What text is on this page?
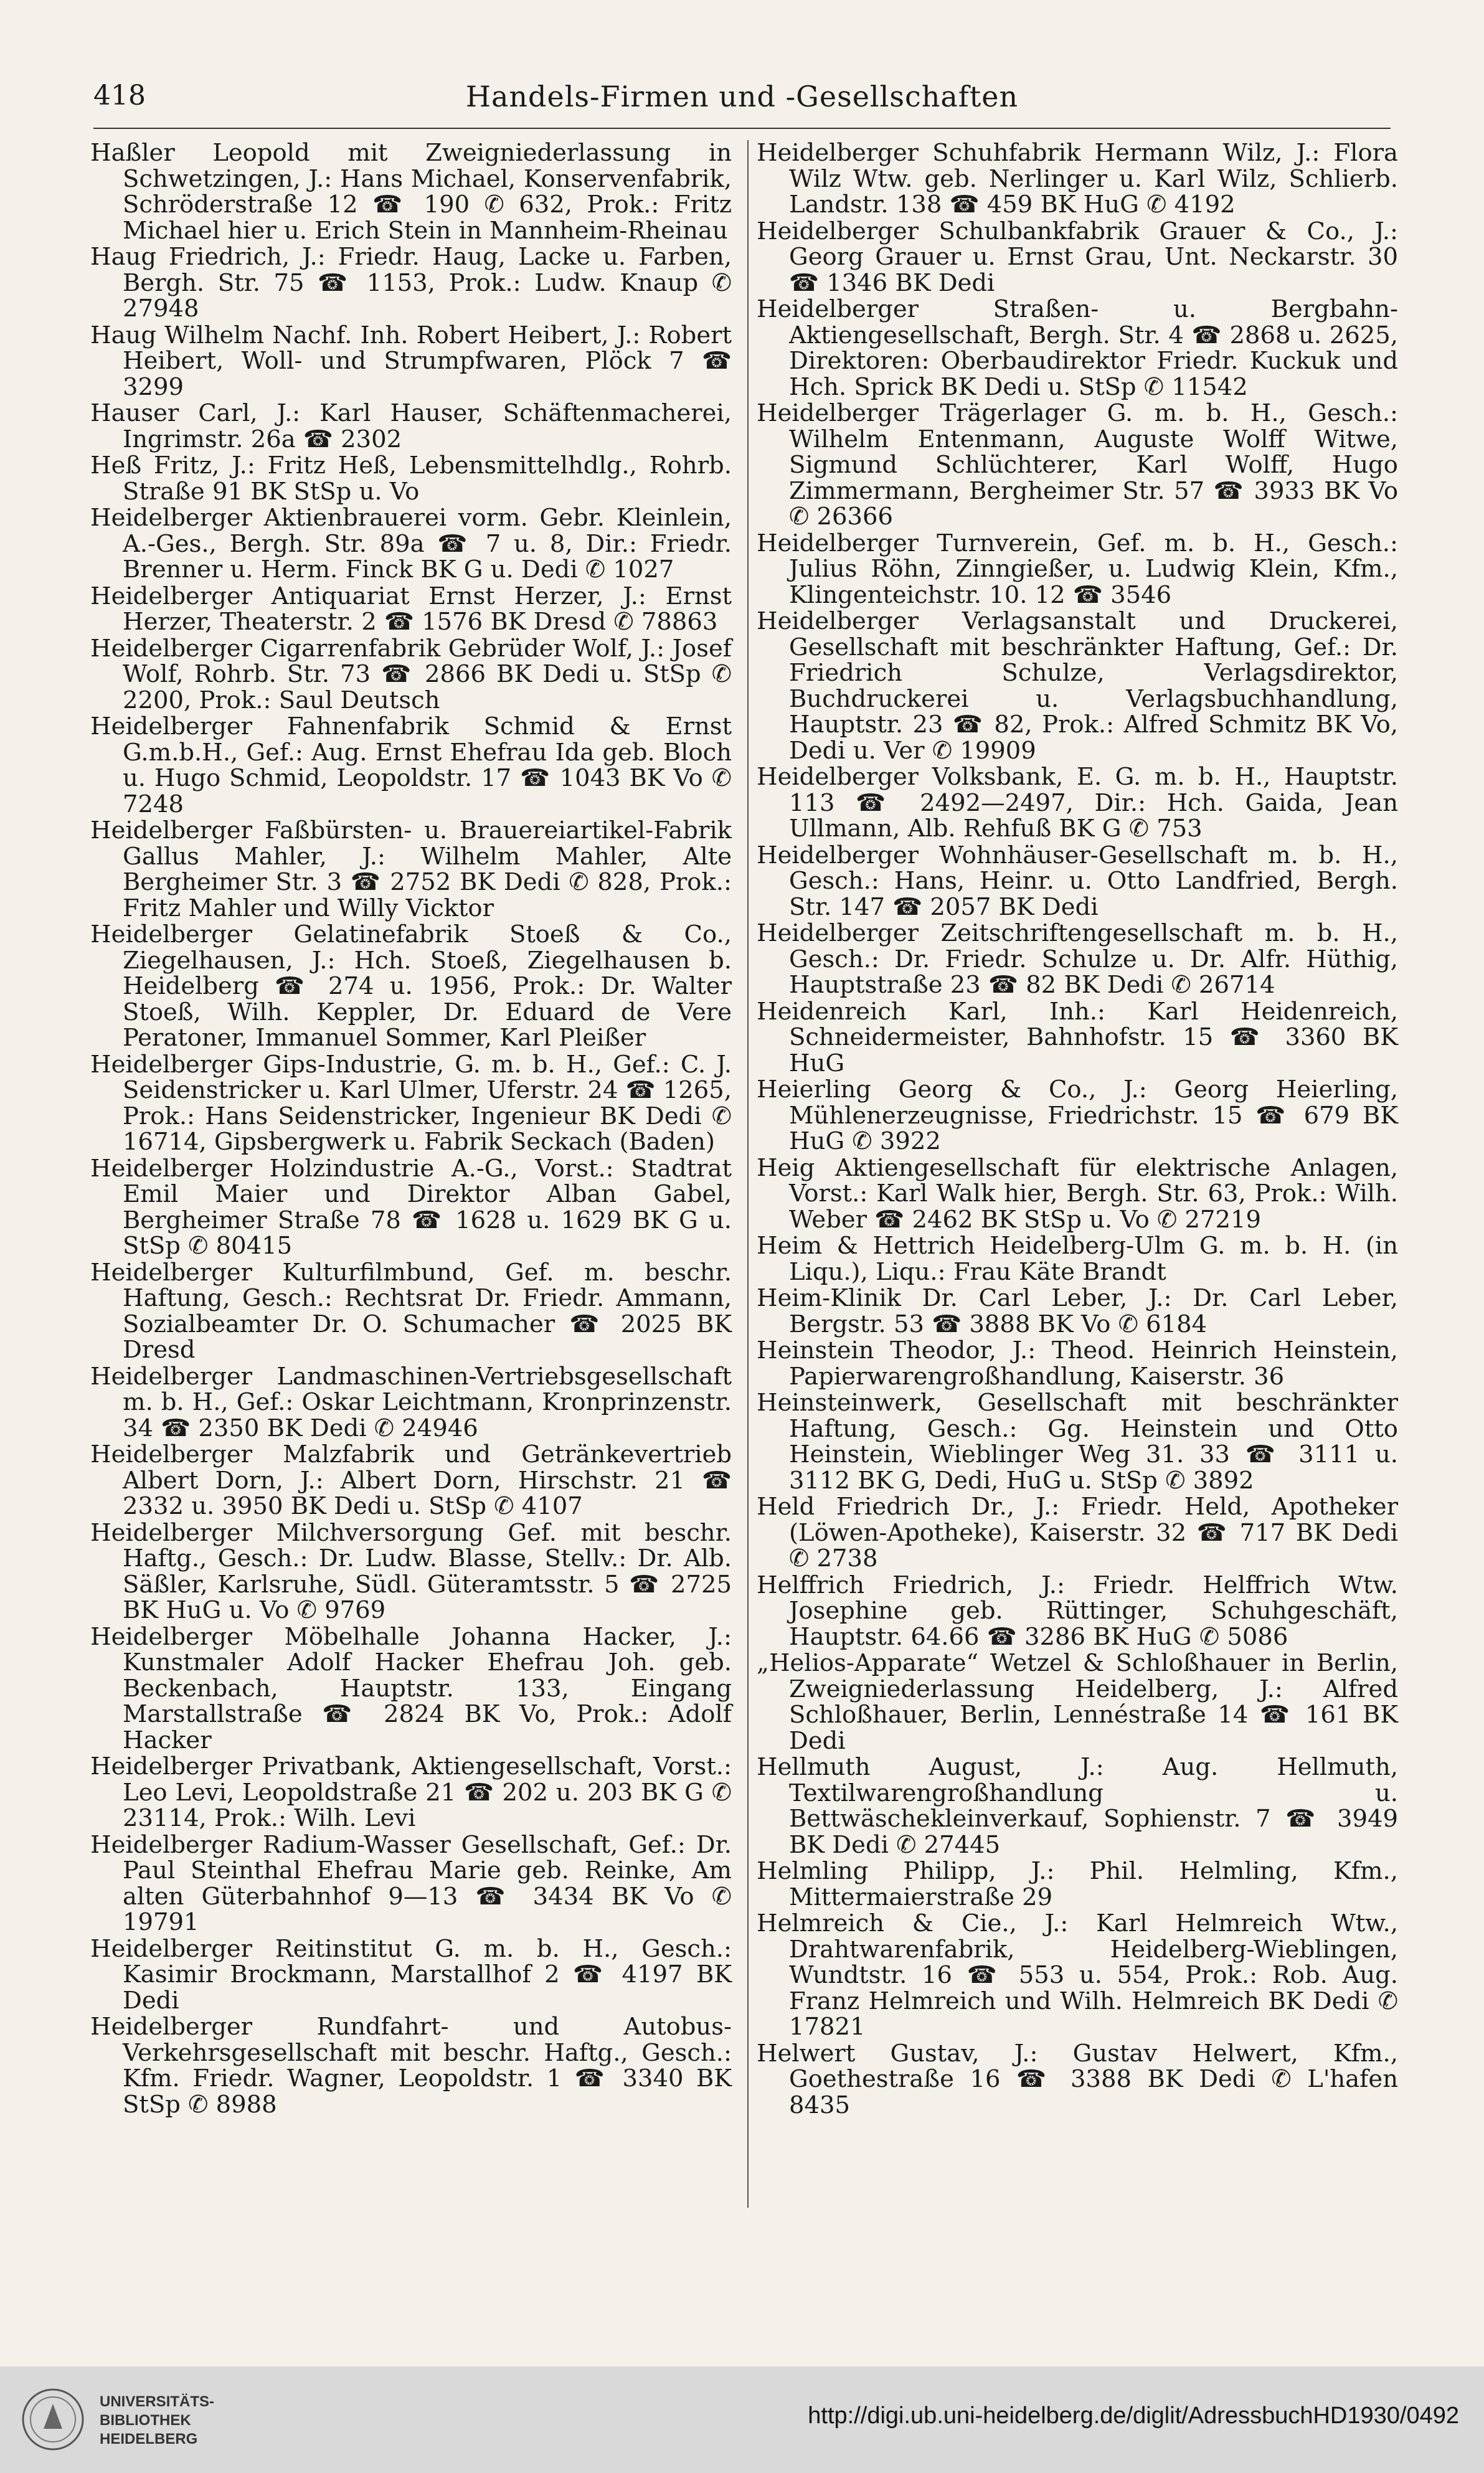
418	Handels-Firmen und -Gesellschaften

Haßler Leopold mit Zweigniederlassung in Schwetzingen, J.: Hans Michael, Konservenfabrik, Schröderstraße 12 ☎ 190 ✆ 632, Prok.: Fritz Michael hier u. Erich Stein in Mannheim-Rheinau

Haug Friedrich, J.: Friedr. Haug, Lacke u. Farben, Bergh. Str. 75 ☎ 1153, Prok.: Ludw. Knaup ✆ 27948

Haug Wilhelm Nachf. Inh. Robert Heibert, J.: Robert Heibert, Woll- und Strumpfwaren, Plöck 7 ☎ 3299

Hauser Carl, J.: Karl Hauser, Schäftenmacherei, Ingrimstr. 26a ☎ 2302

Heß Fritz, J.: Fritz Heß, Lebensmittelhdlg., Rohrb. Straße 91 BK StSp u. Vo

Heidelberger Aktienbrauerei vorm. Gebr. Kleinlein, A.-Ges., Bergh. Str. 89a ☎ 7 u. 8, Dir.: Friedr. Brenner u. Herm. Finck BK G u. Dedi ✆ 1027

Heidelberger Antiquariat Ernst Herzer, J.: Ernst Herzer, Theaterstr. 2 ☎ 1576 BK Dresd ✆ 78863

Heidelberger Cigarrenfabrik Gebrüder Wolf, J.: Josef Wolf, Rohrb. Str. 73 ☎ 2866 BK Dedi u. StSp ✆ 2200, Prok.: Saul Deutsch

Heidelberger Fahnenfabrik Schmid & Ernst G.m.b.H., Gef.: Aug. Ernst Ehefrau Ida geb. Bloch u. Hugo Schmid, Leopoldstr. 17 ☎ 1043 BK Vo ✆ 7248

Heidelberger Faßbürsten- u. Brauereiartikel-Fabrik Gallus Mahler, J.: Wilhelm Mahler, Alte Bergheimer Str. 3 ☎ 2752 BK Dedi ✆ 828, Prok.: Fritz Mahler und Willy Vicktor

Heidelberger Gelatinefabrik Stoeß & Co., Ziegelhausen, J.: Hch. Stoeß, Ziegelhausen b. Heidelberg ☎ 274 u. 1956, Prok.: Dr. Walter Stoeß, Wilh. Keppler, Dr. Eduard de Vere Peratoner, Immanuel Sommer, Karl Pleißer

Heidelberger Gips-Industrie, G. m. b. H., Gef.: C. J. Seidenstricker u. Karl Ulmer, Uferstr. 24 ☎ 1265, Prok.: Hans Seidenstricker, Ingenieur BK Dedi ✆ 16714, Gipsbergwerk u. Fabrik Seckach (Baden)

Heidelberger Holzindustrie A.-G., Vorst.: Stadtrat Emil Maier und Direktor Alban Gabel, Bergheimer Straße 78 ☎ 1628 u. 1629 BK G u. StSp ✆ 80415

Heidelberger Kulturfilmbund, Gef. m. beschr. Haftung, Gesch.: Rechtsrat Dr. Friedr. Ammann, Sozialbeamter Dr. O. Schumacher ☎ 2025 BK Dresd

Heidelberger Landmaschinen-Vertriebsgesellschaft m. b. H., Gef.: Oskar Leichtmann, Kronprinzenstr. 34 ☎ 2350 BK Dedi ✆ 24946

Heidelberger Malzfabrik und Getränkevertrieb Albert Dorn, J.: Albert Dorn, Hirschstr. 21 ☎ 2332 u. 3950 BK Dedi u. StSp ✆ 4107

Heidelberger Milchversorgung Gef. mit beschr. Haftg., Gesch.: Dr. Ludw. Blasse, Stellv.: Dr. Alb. Säßler, Karlsruhe, Südl. Güteramtsstr. 5 ☎ 2725 BK HuG u. Vo ✆ 9769

Heidelberger Möbelhalle Johanna Hacker, J.: Kunstmaler Adolf Hacker Ehefrau Joh. geb. Beckenbach, Hauptstr. 133, Eingang Marstallstraße ☎ 2824 BK Vo, Prok.: Adolf Hacker

Heidelberger Privatbank, Aktiengesellschaft, Vorst.: Leo Levi, Leopoldstraße 21 ☎ 202 u. 203 BK G ✆ 23114, Prok.: Wilh. Levi

Heidelberger Radium-Wasser Gesellschaft, Gef.: Dr. Paul Steinthal Ehefrau Marie geb. Reinke, Am alten Güterbahnhof 9—13 ☎ 3434 BK Vo ✆ 19791

Heidelberger Reitinstitut G. m. b. H., Gesch.: Kasimir Brockmann, Marstallhof 2 ☎ 4197 BK Dedi

Heidelberger Rundfahrt- und Autobus-Verkehrsgesellschaft mit beschr. Haftg., Gesch.: Kfm. Friedr. Wagner, Leopoldstr. 1 ☎ 3340 BK StSp ✆ 8988

Heidelberger Schuhfabrik Hermann Wilz, J.: Flora Wilz Wtw. geb. Nerlinger u. Karl Wilz, Schlierb. Landstr. 138 ☎ 459 BK HuG ✆ 4192

Heidelberger Schulbankfabrik Grauer & Co., J.: Georg Grauer u. Ernst Grau, Unt. Neckarstr. 30 ☎ 1346 BK Dedi

Heidelberger Straßen- u. Bergbahn-Aktiengesellschaft, Bergh. Str. 4 ☎ 2868 u. 2625, Direktoren: Oberbaudirektor Friedr. Kuckuk und Hch. Sprick BK Dedi u. StSp ✆ 11542

Heidelberger Trägerlager G. m. b. H., Gesch.: Wilhelm Entenmann, Auguste Wolff Witwe, Sigmund Schlüchterer, Karl Wolff, Hugo Zimmermann, Bergheimer Str. 57 ☎ 3933 BK Vo ✆ 26366

Heidelberger Turnverein, Gef. m. b. H., Gesch.: Julius Röhn, Zinngießer, u. Ludwig Klein, Kfm., Klingenteichstr. 10. 12 ☎ 3546

Heidelberger Verlagsanstalt und Druckerei, Gesellschaft mit beschränkter Haftung, Gef.: Dr. Friedrich Schulze, Verlagsdirektor, Buchdruckerei u. Verlagsbuchhandlung, Hauptstr. 23 ☎ 82, Prok.: Alfred Schmitz BK Vo, Dedi u. Ver ✆ 19909

Heidelberger Volksbank, E. G. m. b. H., Hauptstr. 113 ☎ 2492—2497, Dir.: Hch. Gaida, Jean Ullmann, Alb. Rehfuß BK G ✆ 753

Heidelberger Wohnhäuser-Gesellschaft m. b. H., Gesch.: Hans, Heinr. u. Otto Landfried, Bergh. Str. 147 ☎ 2057 BK Dedi

Heidelberger Zeitschriftengesellschaft m. b. H., Gesch.: Dr. Friedr. Schulze u. Dr. Alfr. Hüthig, Hauptstraße 23 ☎ 82 BK Dedi ✆ 26714

Heidenreich Karl, Inh.: Karl Heidenreich, Schneidermeister, Bahnhofstr. 15 ☎ 3360 BK HuG

Heierling Georg & Co., J.: Georg Heierling, Mühlenerzeugnisse, Friedrichstr. 15 ☎ 679 BK HuG ✆ 3922

Heig Aktiengesellschaft für elektrische Anlagen, Vorst.: Karl Walk hier, Bergh. Str. 63, Prok.: Wilh. Weber ☎ 2462 BK StSp u. Vo ✆ 27219

Heim & Hettrich Heidelberg-Ulm G. m. b. H. (in Liqu.), Liqu.: Frau Käte Brandt

Heim-Klinik Dr. Carl Leber, J.: Dr. Carl Leber, Bergstr. 53 ☎ 3888 BK Vo ✆ 6184

Heinstein Theodor, J.: Theod. Heinrich Heinstein, Papierwarengroßhandlung, Kaiserstr. 36

Heinsteinwerk, Gesellschaft mit beschränkter Haftung, Gesch.: Gg. Heinstein und Otto Heinstein, Wieblinger Weg 31. 33 ☎ 3111 u. 3112 BK G, Dedi, HuG u. StSp ✆ 3892

Held Friedrich Dr., J.: Friedr. Held, Apotheker (Löwen-Apotheke), Kaiserstr. 32 ☎ 717 BK Dedi ✆ 2738

Helffrich Friedrich, J.: Friedr. Helffrich Wtw. Josephine geb. Rüttinger, Schuhgeschäft, Hauptstr. 64.66 ☎ 3286 BK HuG ✆ 5086

„Helios-Apparate“ Wetzel & Schloßhauer in Berlin, Zweigniederlassung Heidelberg, J.: Alfred Schloßhauer, Berlin, Lennéstraße 14 ☎ 161 BK Dedi

Hellmuth August, J.: Aug. Hellmuth, Textilwarengroßhandlung u. Bettwäschekleinverkauf, Sophienstr. 7 ☎ 3949 BK Dedi ✆ 27445

Helmling Philipp, J.: Phil. Helmling, Kfm., Mittermaierstraße 29

Helmreich & Cie., J.: Karl Helmreich Wtw., Drahtwarenfabrik, Heidelberg-Wieblingen, Wundtstr. 16 ☎ 553 u. 554, Prok.: Rob. Aug. Franz Helmreich und Wilh. Helmreich BK Dedi ✆ 17821

Helwert Gustav, J.: Gustav Helwert, Kfm., Goethestraße 16 ☎ 3388 BK Dedi ✆ L'hafen 8435

UNIVERSITÄTS-
BIBLIOTHEK
HEIDELBERG
http://digi.ub.uni-heidelberg.de/diglit/AdressbuchHD1930/0492
